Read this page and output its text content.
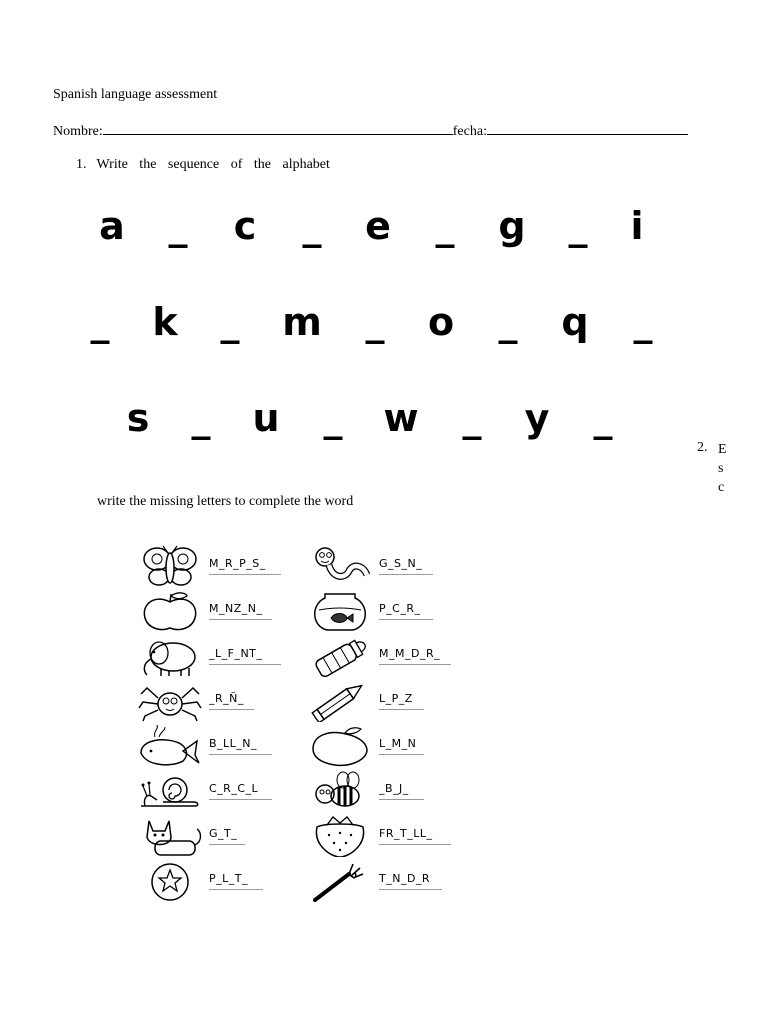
Spanish language assessment
Nombre:	fecha:
1. Write the sequence of the alphabet
a _ c _ e _ g _ i
_ k _ m _ o _ q _
s _ u _ w _ y _
2. E
s
c
write the missing letters to complete the word
M_R_P_S_
M_NZ_N_
_L_F_NT_
_R_Ñ_
B_LL_N_
C_R_C_L
G_T_
P_L_T_
G_S_N_
P_C_R_
M_M_D_R_
L_P_Z
L_M_N
_B_J_
FR_T_LL_
T_N_D_R
